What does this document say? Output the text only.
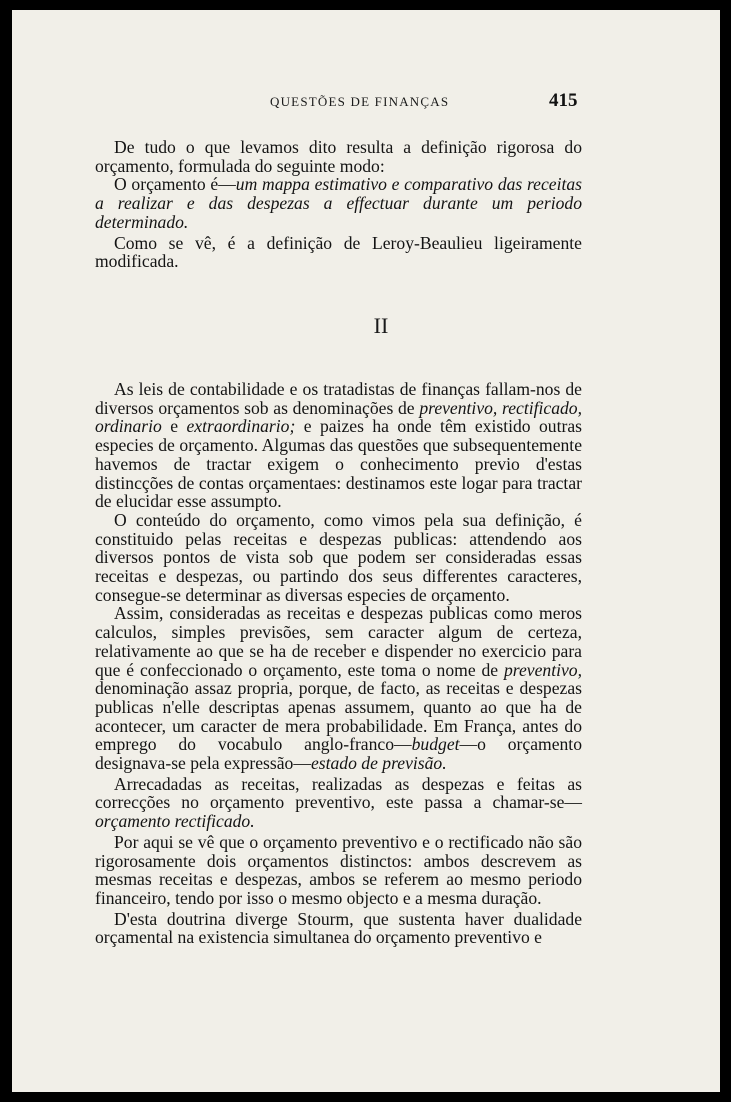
QUESTÕES DE FINANÇAS	415

De tudo o que levamos dito resulta a definição rigorosa do orçamento, formulada do seguinte modo:

O orçamento é—um mappa estimativo e comparativo das receitas a realizar e das despezas a effectuar durante um periodo determinado.

Como se vê, é a definição de Leroy-Beaulieu ligeiramente modificada.

II

As leis de contabilidade e os tratadistas de finanças fallam-nos de diversos orçamentos sob as denominações de preventivo, rectificado, ordinario e extraordinario; e paizes ha onde têm existido outras especies de orçamento. Algumas das questões que subsequentemente havemos de tractar exigem o conhecimento previo d'estas distincções de contas orçamentaes: destinamos este logar para tractar de elucidar esse assumpto.

O conteúdo do orçamento, como vimos pela sua definição, é constituido pelas receitas e despezas publicas: attendendo aos diversos pontos de vista sob que podem ser consideradas essas receitas e despezas, ou partindo dos seus differentes caracteres, consegue-se determinar as diversas especies de orçamento.

Assim, consideradas as receitas e despezas publicas como meros calculos, simples previsões, sem caracter algum de certeza, relativamente ao que se ha de receber e dispender no exercicio para que é confeccionado o orçamento, este toma o nome de preventivo, denominação assaz propria, porque, de facto, as receitas e despezas publicas n'elle descriptas apenas assumem, quanto ao que ha de acontecer, um caracter de mera probabilidade. Em França, antes do emprego do vocabulo anglo-franco—budget—o orçamento designava-se pela expressão—estado de previsão.

Arrecadadas as receitas, realizadas as despezas e feitas as correcções no orçamento preventivo, este passa a chamar-se—orçamento rectificado.

Por aqui se vê que o orçamento preventivo e o rectificado não são rigorosamente dois orçamentos distinctos: ambos descrevem as mesmas receitas e despezas, ambos se referem ao mesmo periodo financeiro, tendo por isso o mesmo objecto e a mesma duração.

D'esta doutrina diverge Stourm, que sustenta haver dualidade orçamental na existencia simultanea do orçamento preventivo e
